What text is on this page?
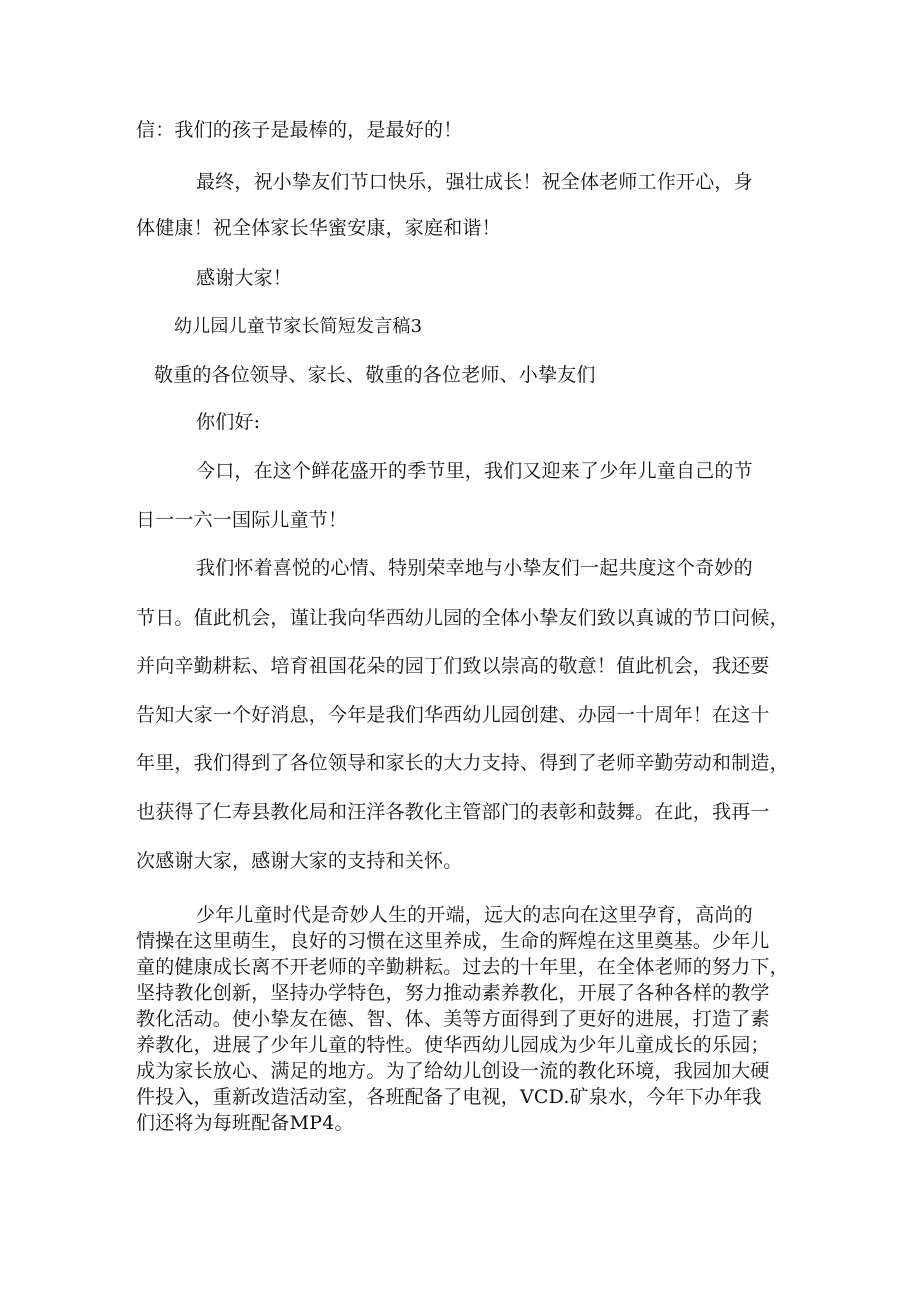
信：我们的孩子是最棒的，是最好的！
最终，祝小挚友们节口快乐，强壮成长！祝全体老师工作开心，身
体健康！祝全体家长华蜜安康，家庭和谐！
感谢大家！
幼儿园儿童节家长简短发言稿3
敬重的各位领导、家长、敬重的各位老师、小挚友们
你们好:
今口，在这个鲜花盛开的季节里，我们又迎来了少年儿童自己的节
日一一六一国际儿童节！
我们怀着喜悦的心情、特别荣幸地与小挚友们一起共度这个奇妙的
节日。值此机会，谨让我向华西幼儿园的全体小挚友们致以真诚的节口问候，
并向辛勤耕耘、培育祖国花朵的园丁们致以崇高的敬意！值此机会，我还要
告知大家一个好消息，今年是我们华西幼儿园创建、办园一十周年！在这十
年里，我们得到了各位领导和家长的大力支持、得到了老师辛勤劳动和制造，
也获得了仁寿县教化局和汪洋各教化主管部门的表彰和鼓舞。在此，我再一
次感谢大家，感谢大家的支持和关怀。
少年儿童时代是奇妙人生的开端，远大的志向在这里孕育，高尚的
情操在这里萌生，良好的习惯在这里养成，生命的辉煌在这里奠基。少年儿
童的健康成长离不开老师的辛勤耕耘。过去的十年里，在全体老师的努力下，
坚持教化创新，坚持办学特色，努力推动素养教化，开展了各种各样的教学
教化活动。使小挚友在德、智、体、美等方面得到了更好的进展，打造了素
养教化，进展了少年儿童的特性。使华西幼儿园成为少年儿童成长的乐园；
成为家长放心、满足的地方。为了给幼儿创设一流的教化环境，我园加大硬
件投入，重新改造活动室，各班配备了电视，VCD.矿泉水，今年下办年我
们还将为每班配备MP4。
